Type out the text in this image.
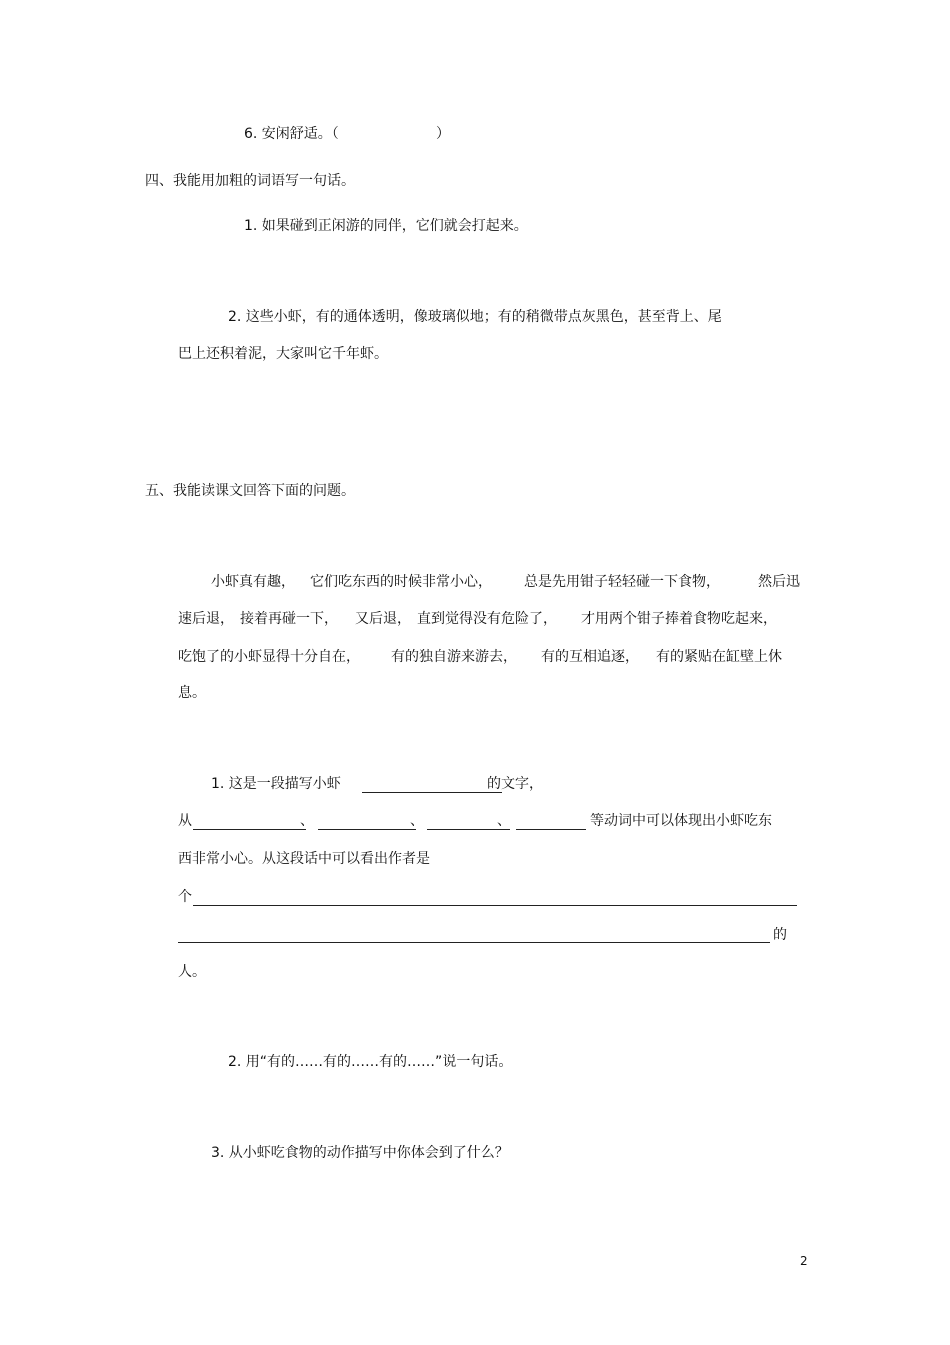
6. 安闲舒适。（	）
四、我能用加粗的词语写一句话。
1. 如果碰到正闲游的同伴，它们就会打起来。
2. 这些小虾，有的通体透明，像玻璃似地；有的稍微带点灰黑色，甚至背上、尾
巴上还积着泥，大家叫它千年虾。
五、我能读课文回答下面的问题。
小虾真有趣， 它们吃东西的时候非常小心， 总是先用钳子轻轻碰一下食物，	然后迅
速后退， 接着再碰一下， 又后退， 直到觉得没有危险了， 才用两个钳子捧着食物吃起来，
吃饱了的小虾显得十分自在， 有的独自游来游去， 有的互相追逐， 有的紧贴在缸壁上休
息。
1. 这是一段描写小虾	的文字，
从	、	、	、	等动词中可以体现出小虾吃东
西非常小心。从这段话中可以看出作者是
个
的
人。
2. 用“有的……有的……有的……”说一句话。
3. 从小虾吃食物的动作描写中你体会到了什么？
2
